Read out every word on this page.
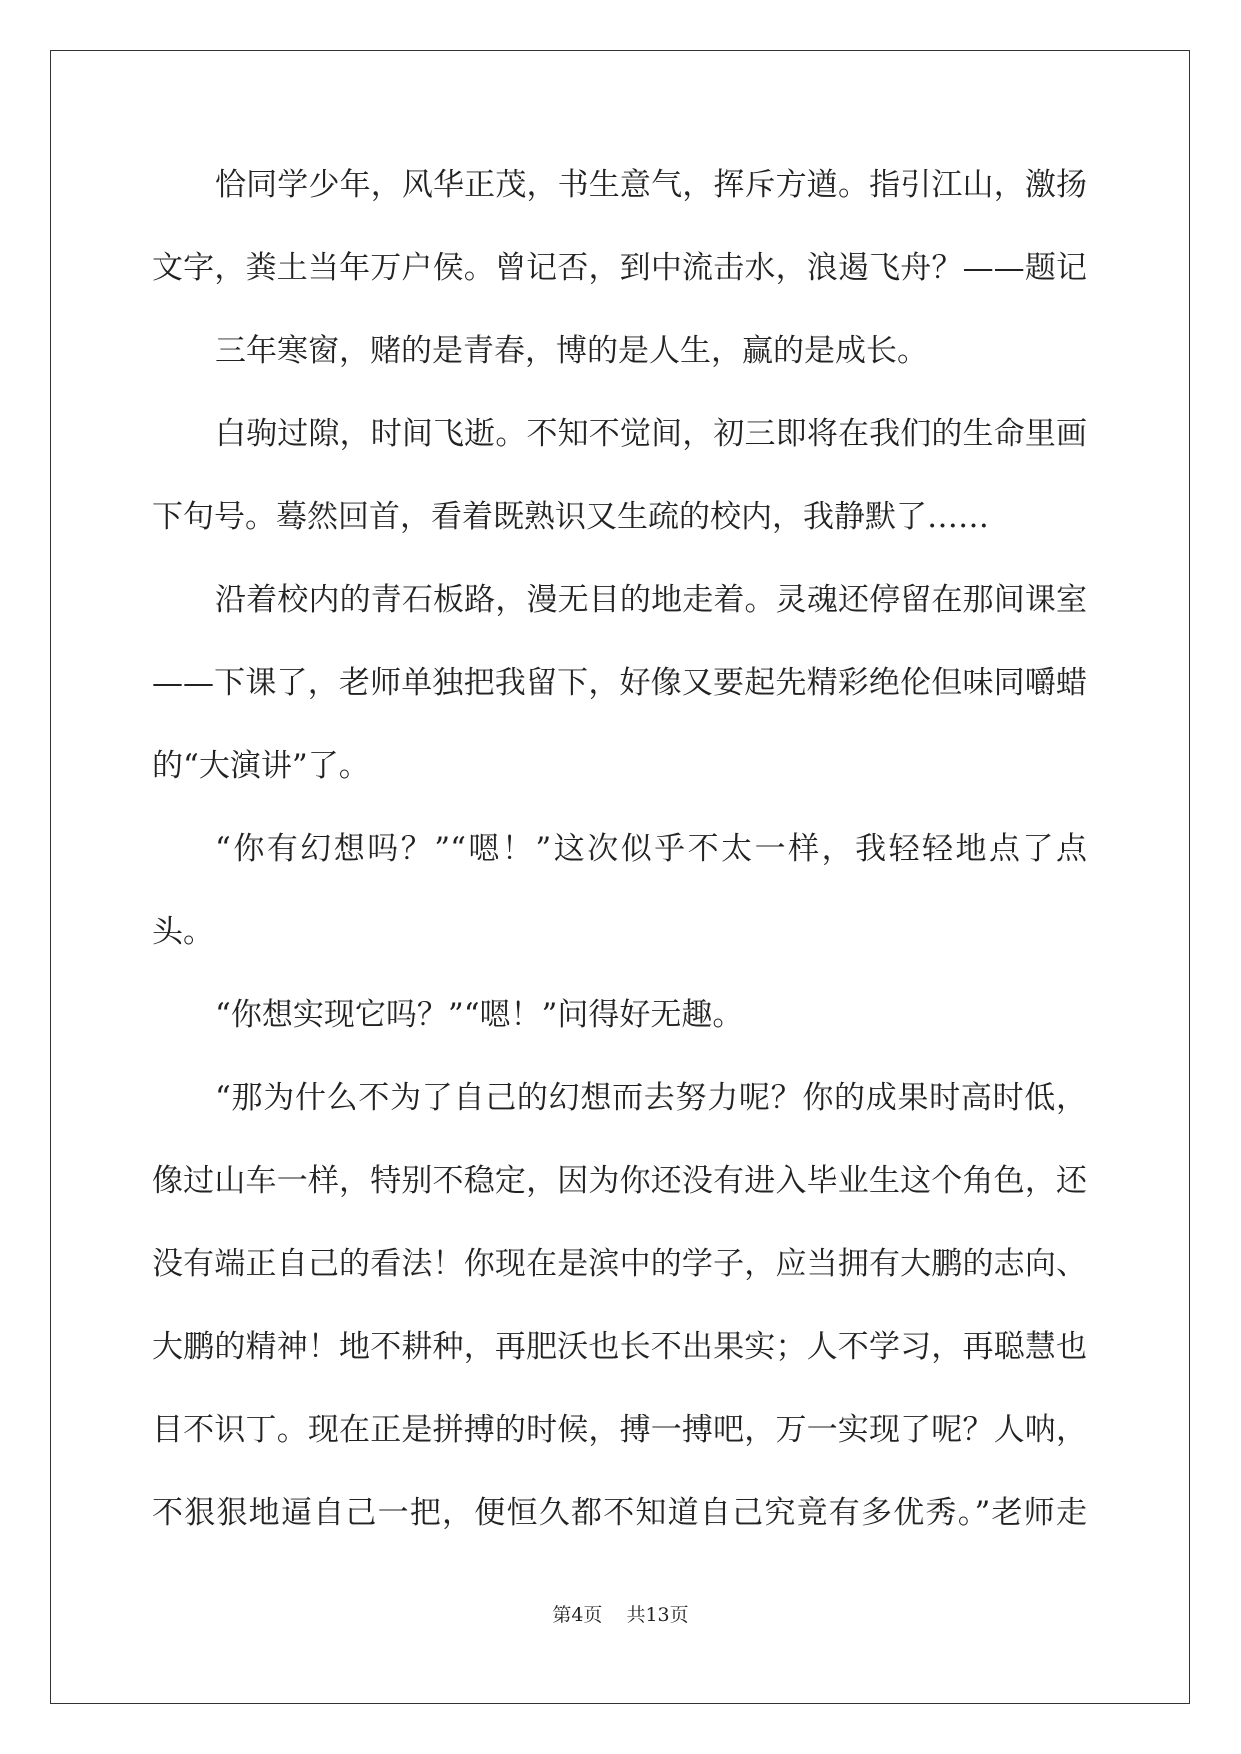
恰同学少年，风华正茂，书生意气，挥斥方遒。指引江山，激扬
文字，粪土当年万户侯。曾记否，到中流击水，浪遏飞舟？——题记
三年寒窗，赌的是青春，博的是人生，赢的是成长。
白驹过隙，时间飞逝。不知不觉间，初三即将在我们的生命里画
下句号。蓦然回首，看着既熟识又生疏的校内，我静默了……
沿着校内的青石板路，漫无目的地走着。灵魂还停留在那间课室
——下课了，老师单独把我留下，好像又要起先精彩绝伦但味同嚼蜡
的“大演讲”了。
“你有幻想吗？”“嗯！”这次似乎不太一样，我轻轻地点了点
头。
“你想实现它吗？”“嗯！”问得好无趣。
“那为什么不为了自己的幻想而去努力呢？你的成果时高时低，
像过山车一样，特别不稳定，因为你还没有进入毕业生这个角色，还
没有端正自己的看法！你现在是滨中的学子，应当拥有大鹏的志向、
大鹏的精神！地不耕种，再肥沃也长不出果实；人不学习，再聪慧也
目不识丁。现在正是拼搏的时候，搏一搏吧，万一实现了呢？人呐，
不狠狠地逼自己一把，便恒久都不知道自己究竟有多优秀。”老师走
第4页 共13页
